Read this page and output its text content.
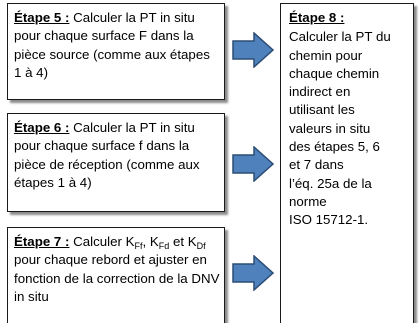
Étape 5 : Calculer la PT in situ pour chaque surface F dans la pièce source (comme aux étapes 1 à 4)
Étape 6 : Calculer la PT in situ pour chaque surface f dans la pièce de réception (comme aux étapes 1 à 4)
Étape 7 : Calculer $K_{Ff}$, $K_{Fd}$ et $K_{Df}$ pour chaque rebord et ajuster en fonction de la correction de la DNV in situ
Étape 8 :
Calculer la PT du
chemin pour
chaque chemin
indirect en
utilisant les
valeurs in situ
des étapes 5, 6
et 7 dans
l’éq. 25a de la
norme
ISO 15712-1.
